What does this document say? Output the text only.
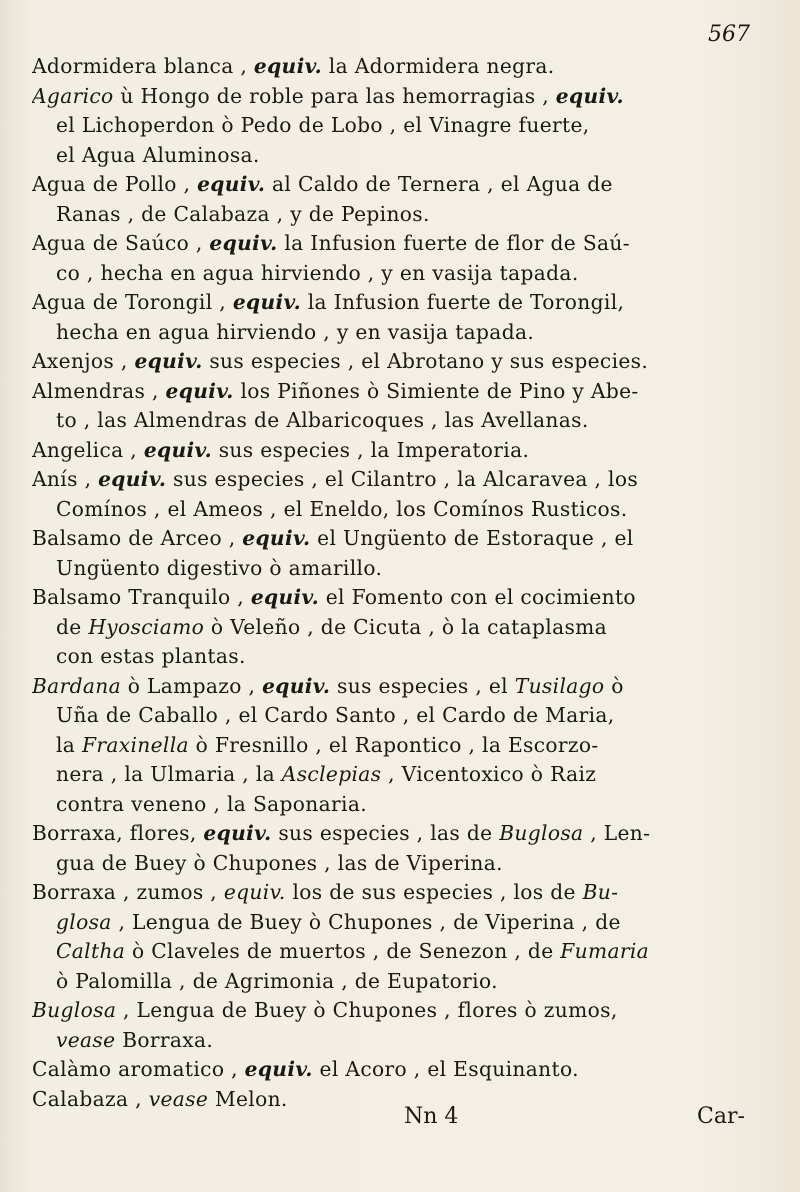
567
Adormidera blanca , equiv. la Adormidera negra.
Agarico ù Hongo de roble para las hemorragias , equiv.
el Lichoperdon ò Pedo de Lobo , el Vinagre fuerte,
el Agua Aluminosa.
Agua de Pollo , equiv. al Caldo de Ternera , el Agua de
Ranas , de Calabaza , y de Pepinos.
Agua de Saúco , equiv. la Infusion fuerte de flor de Saú-
co , hecha en agua hirviendo , y en vasija tapada.
Agua de Torongil , equiv. la Infusion fuerte de Torongil,
hecha en agua hirviendo , y en vasija tapada.
Axenjos , equiv. sus especies , el Abrotano y sus especies.
Almendras , equiv. los Piñones ò Simiente de Pino y Abe-
to , las Almendras de Albaricoques , las Avellanas.
Angelica , equiv. sus especies , la Imperatoria.
Anís , equiv. sus especies , el Cilantro , la Alcaravea , los
Comínos , el Ameos , el Eneldo, los Comínos Rusticos.
Balsamo de Arceo , equiv. el Ungüento de Estoraque , el
Ungüento digestivo ò amarillo.
Balsamo Tranquilo , equiv. el Fomento con el cocimiento
de Hyosciamo ò Veleño , de Cicuta , ò la cataplasma
con estas plantas.
Bardana ò Lampazo , equiv. sus especies , el Tusilago ò
Uña de Caballo , el Cardo Santo , el Cardo de Maria,
la Fraxinella ò Fresnillo , el Rapontico , la Escorzo-
nera , la Ulmaria , la Asclepias , Vicentoxico ò Raiz
contra veneno , la Saponaria.
Borraxa, flores, equiv. sus especies , las de Buglosa , Len-
gua de Buey ò Chupones , las de Viperina.
Borraxa , zumos , equiv. los de sus especies , los de Bu-
glosa , Lengua de Buey ò Chupones , de Viperina , de
Caltha ò Claveles de muertos , de Senezon , de Fumaria
ò Palomilla , de Agrimonia , de Eupatorio.
Buglosa , Lengua de Buey ò Chupones , flores ò zumos,
vease Borraxa.
Calàmo aromatico , equiv. el Acoro , el Esquinanto.
Calabaza , vease Melon.
Nn 4	Car-
